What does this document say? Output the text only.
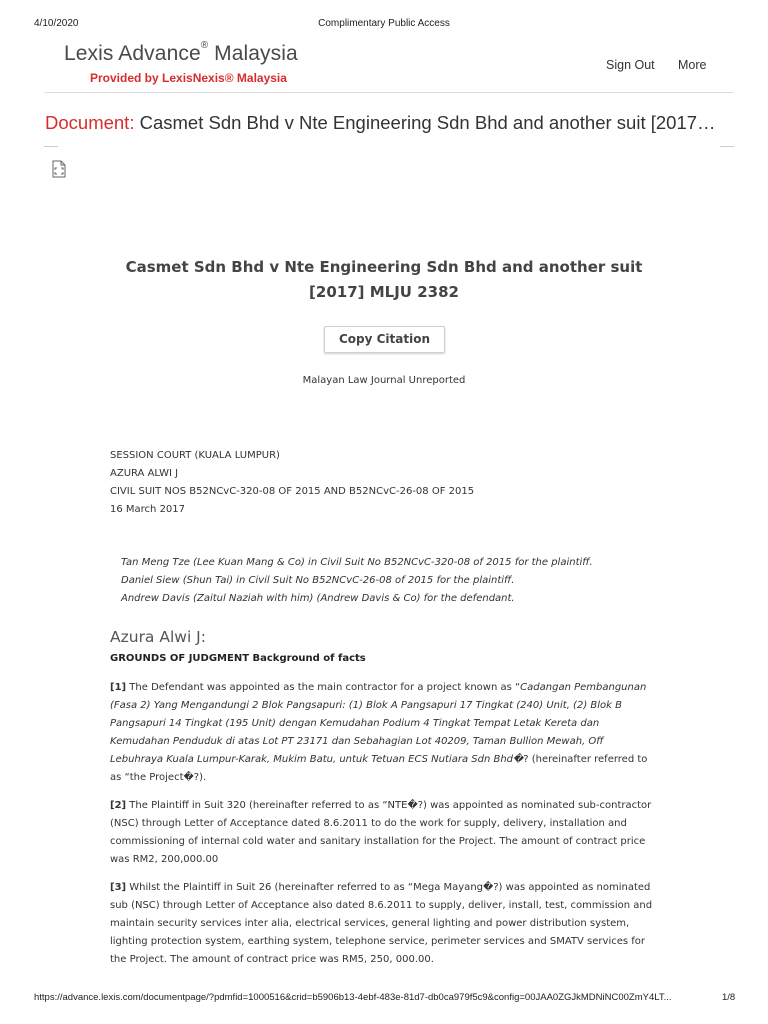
4/10/2020	Complimentary Public Access
Lexis Advance® Malaysia
Provided by LexisNexis® Malaysia
Sign Out More
Document: Casmet Sdn Bhd v Nte Engineering Sdn Bhd and another suit [2017…
Casmet Sdn Bhd v Nte Engineering Sdn Bhd and another suit
[2017] MLJU 2382
Copy Citation
Malayan Law Journal Unreported
SESSION COURT (KUALA LUMPUR)
AZURA ALWI J
CIVIL SUIT NOS B52NCvC-320-08 OF 2015 AND B52NCvC-26-08 OF 2015
16 March 2017
Tan Meng Tze (Lee Kuan Mang & Co) in Civil Suit No B52NCvC-320-08 of 2015 for the plaintiff.
Daniel Siew (Shun Tai) in Civil Suit No B52NCvC-26-08 of 2015 for the plaintiff.
Andrew Davis (Zaitul Naziah with him) (Andrew Davis & Co) for the defendant.
Azura Alwi J:
GROUNDS OF JUDGMENT Background of facts
[1] The Defendant was appointed as the main contractor for a project known as “Cadangan Pembangunan (Fasa 2) Yang Mengandungi 2 Blok Pangsapuri: (1) Blok A Pangsapuri 17 Tingkat (240) Unit, (2) Blok B Pangsapuri 14 Tingkat (195 Unit) dengan Kemudahan Podium 4 Tingkat Tempat Letak Kereta dan Kemudahan Penduduk di atas Lot PT 23171 dan Sebahagian Lot 40209, Taman Bullion Mewah, Off Lebuhraya Kuala Lumpur-Karak, Mukim Batu, untuk Tetuan ECS Nutiara Sdn Bhd�? (hereinafter referred to as “the Project�?).
[2] The Plaintiff in Suit 320 (hereinafter referred to as “NTE�?) was appointed as nominated sub-contractor (NSC) through Letter of Acceptance dated 8.6.2011 to do the work for supply, delivery, installation and commissioning of internal cold water and sanitary installation for the Project. The amount of contract price was RM2, 200,000.00
[3] Whilst the Plaintiff in Suit 26 (hereinafter referred to as “Mega Mayang�?) was appointed as nominated sub (NSC) through Letter of Acceptance also dated 8.6.2011 to supply, deliver, install, test, commission and maintain security services inter alia, electrical services, general lighting and power distribution system, lighting protection system, earthing system, telephone service, perimeter services and SMATV services for the Project. The amount of contract price was RM5, 250, 000.00.
https://advance.lexis.com/documentpage/?pdmfid=1000516&crid=b5906b13-4ebf-483e-81d7-db0ca979f5c9&config=00JAA0ZGJkMDNiNC00ZmY4LT...	1/8
